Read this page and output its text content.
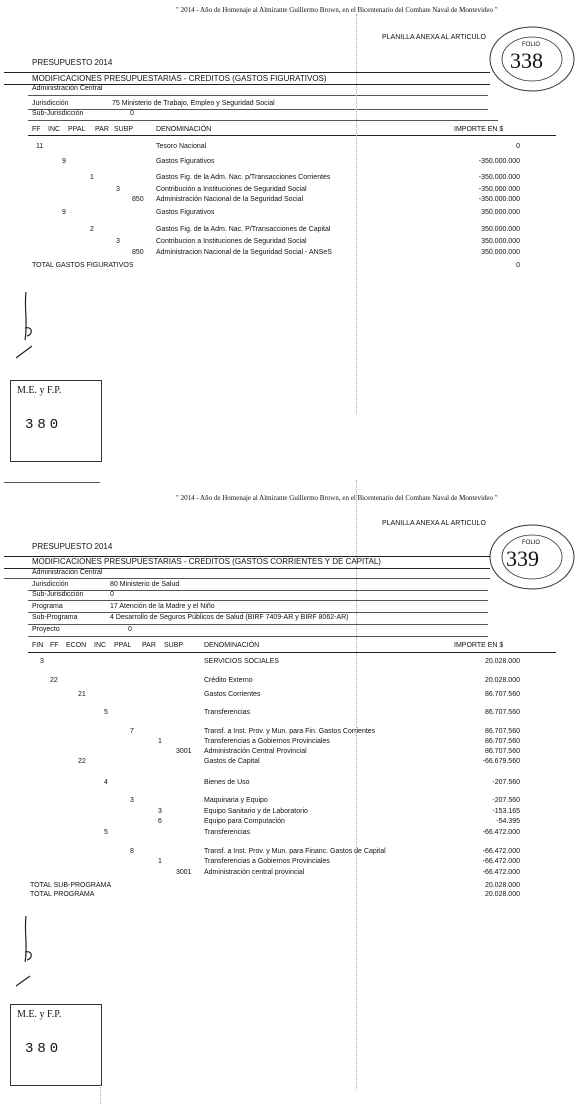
" 2014 - Año de Homenaje al Almirante Guillermo Brown, en el Bicentenario del Combate Naval de Montevideo "
PLANILLA ANEXA AL ARTICULO
FOLIO
338
PRESUPUESTO 2014
MODIFICACIONES PRESUPUESTARIAS - CREDITOS (GASTOS FIGURATIVOS)
Administración Central
Jurisdicción	75 Ministerio de Trabajo, Empleo y Seguridad Social
Sub-Jurisdicción	0
FF INC PPAL PAR SUBP	DENOMINACIÓN	IMPORTE EN $
11	Tesoro Nacional	0
9	Gastos Figurativos	-350.000.000
1	Gastos Fig. de la Adm. Nac. p/Transacciones Corrientes	-350.000.000
3	Contribución a Instituciones de Seguridad Social	-350.000.000
850 Administración Nacional de la Seguridad Social	-350.000.000
9	Gastos Figurativos	350.000.000
2	Gastos Fig. de la Adm. Nac. P/Transacciones de Capital	350.000.000
3	Contribucion a Instituciones de Seguridad Social	350.000.000
850 Administracion Nacional de la Seguridad Social - ANSeS	350.000.000
TOTAL GASTOS FIGURATIVOS	0
M.E. y F.P.
380
" 2014 - Año de Homenaje al Almirante Guillermo Brown, en el Bicentenario del Combate Naval de Montevideo "
PLANILLA ANEXA AL ARTICULO
FOLIO
339
PRESUPUESTO 2014
MODIFICACIONES PRESUPUESTARIAS - CREDITOS (GASTOS CORRIENTES Y DE CAPITAL)
Administración Central
Jurisdicción	80 Ministerio de Salud
Sub-Jurisdicción	0
Programa	17 Atención de la Madre y el Niño
Sub-Programa	4 Desarrollo de Seguros Públicos de Salud (BIRF 7409-AR y BIRF 8062-AR)
Proyecto	0
FIN FF ECON INC PPAL PAR SUBP	DENOMINACIÓN	IMPORTE EN $
3	SERVICIOS SOCIALES	20.028.000
22	Crédito Externo	20.028.000
21	Gastos Corrientes	86.707.560
5	Transferencias	86.707.560
7	Transf. a Inst. Prov. y Mun. para Fin. Gastos Corrientes	86.707.560
1	Transferencias a Gobiernos Provinciales	86.707.560
3001 Administración Central Provincial	86.707.560
22	Gastos de Capital	-66.679.560
4	Bienes de Uso	-207.560
3	Maquinaria y Equipo	-207.560
3	Equipo Sanitario y de Laboratorio	-153.165
6	Equipo para Computación	-54.395
5	Transferencias	-66.472.000
8	Transf. a Inst. Prov. y Mun. para Financ. Gastos de Capital	-66.472.000
1	Transferencias a Gobiernos Provinciales	-66.472.000
3001 Administración central provincial	-66.472.000
TOTAL SUB-PROGRAMA	20.028.000
TOTAL PROGRAMA	20.028.000
M.E. y F.P.
380
